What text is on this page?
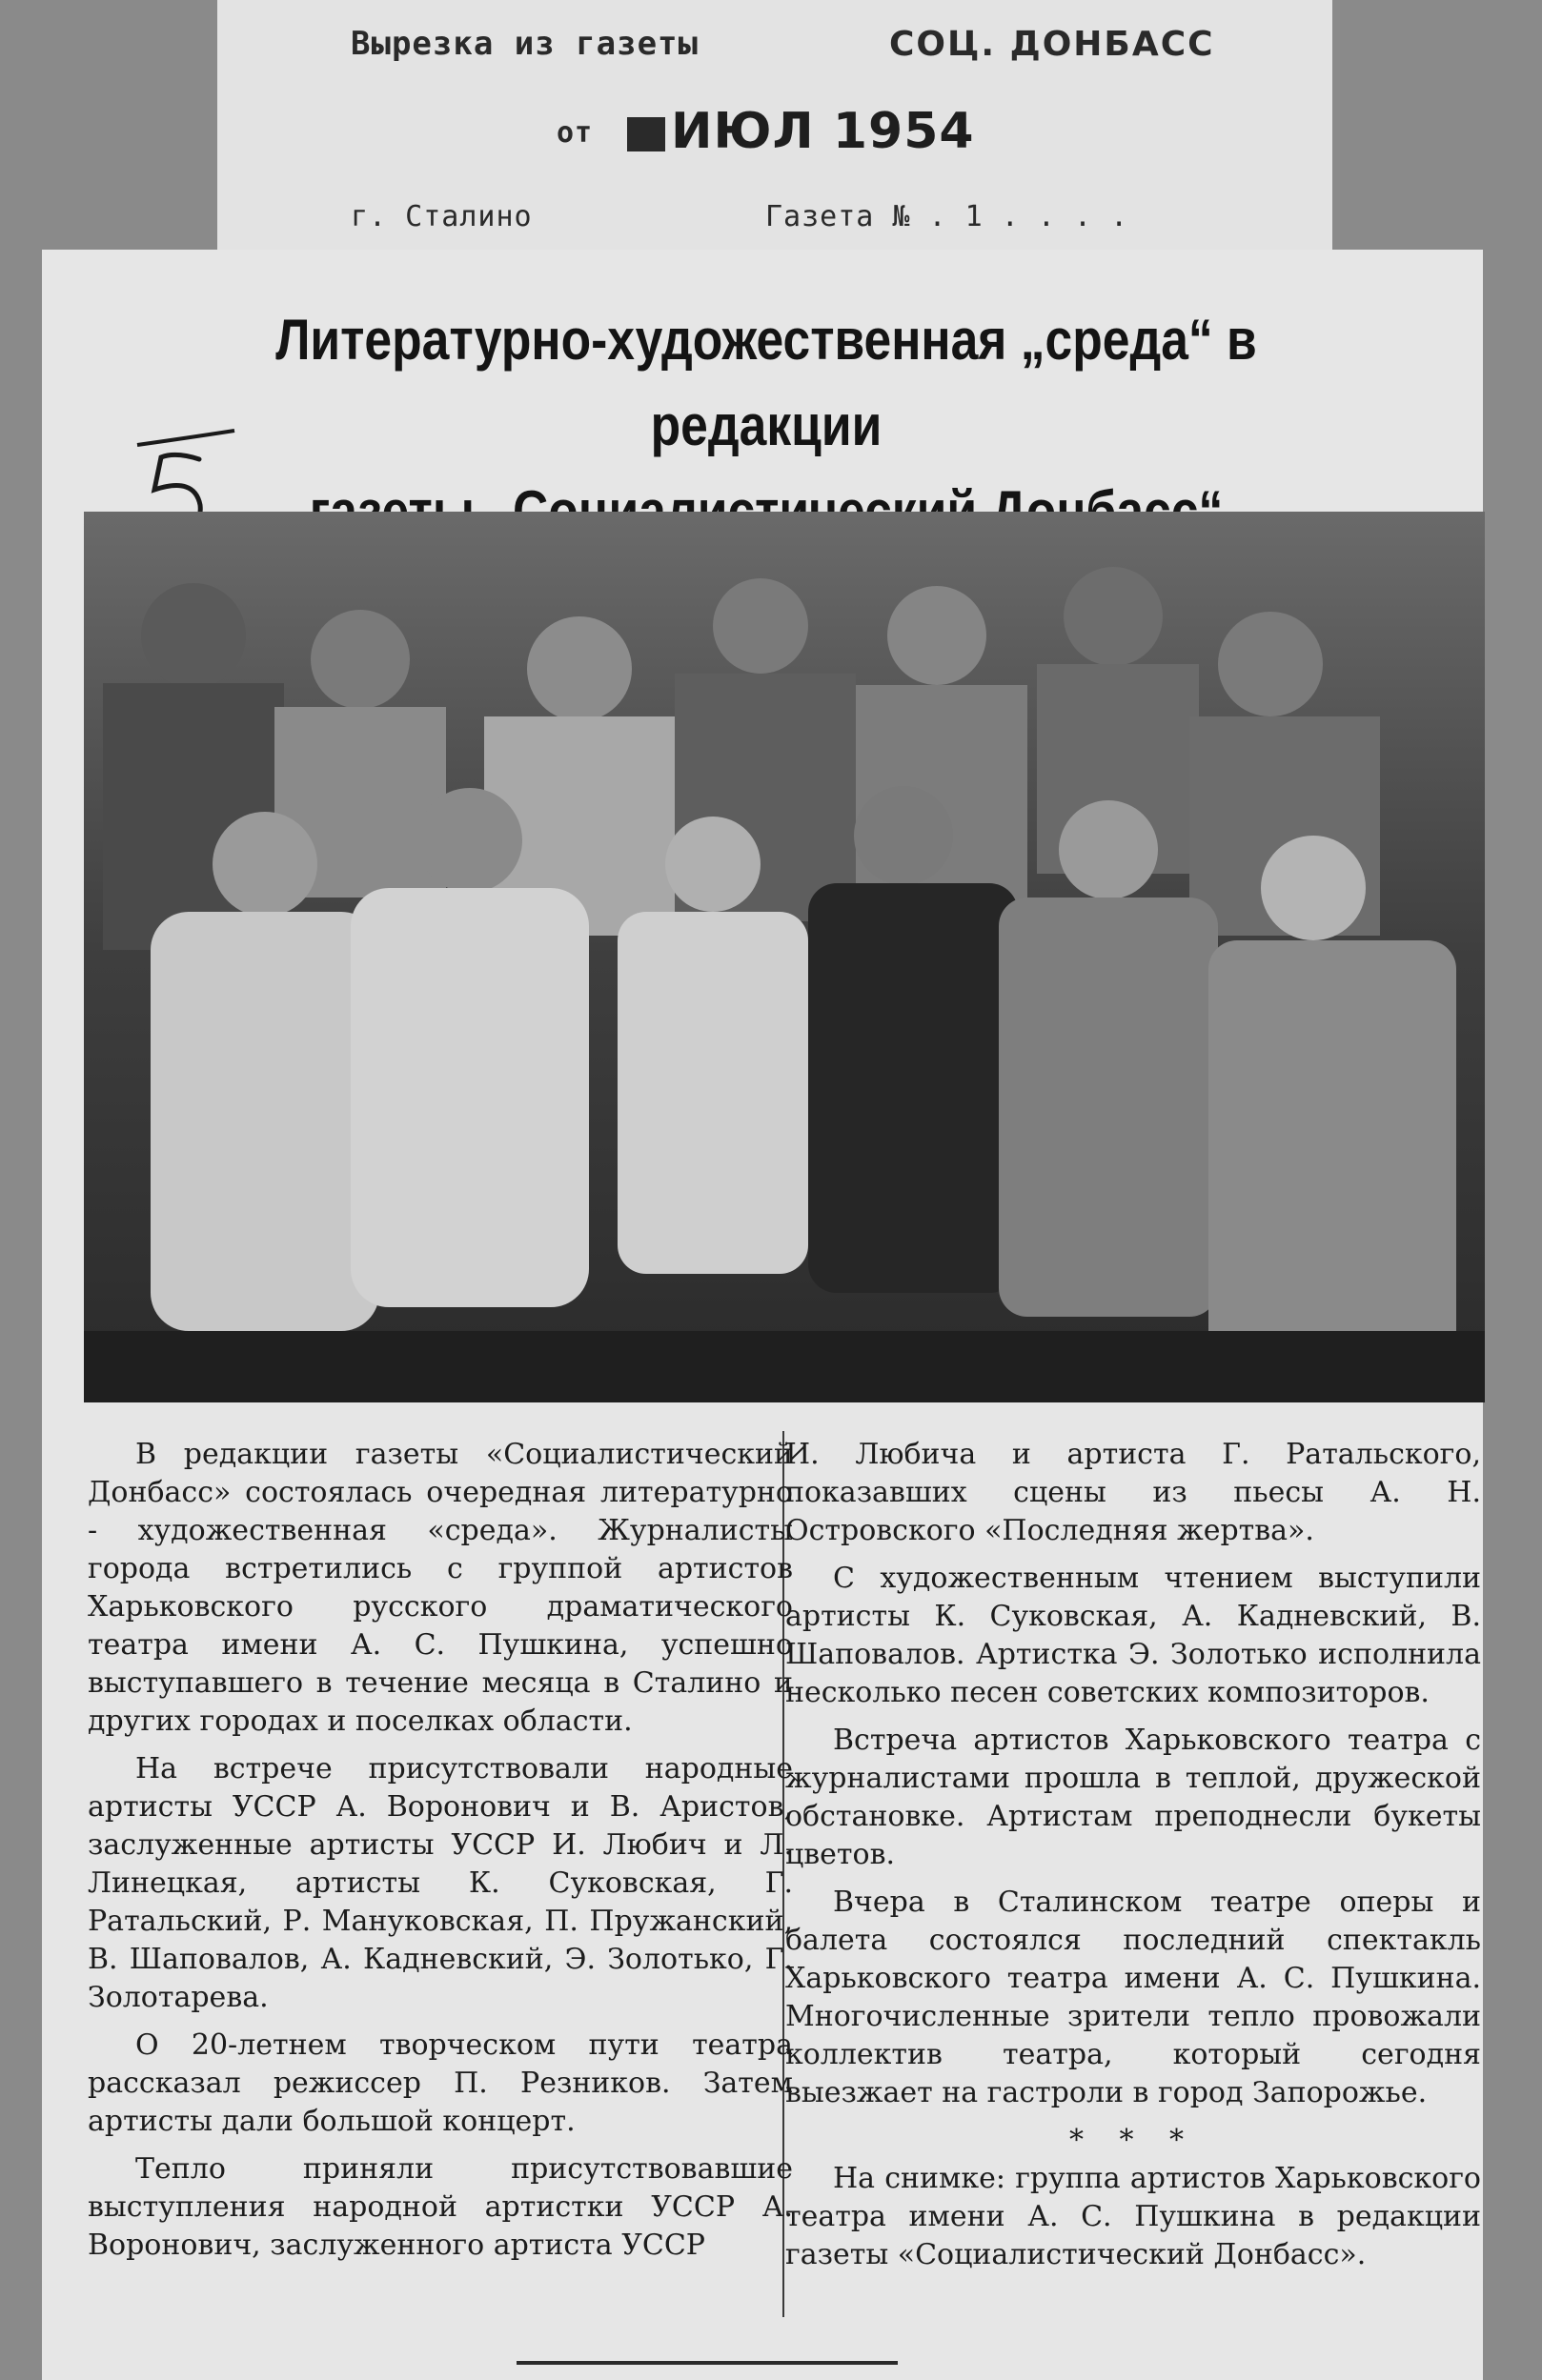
Вырезка из газеты	СОЦ. ДОНБАСС
от	ИЮЛ 1954
г. Сталино	Газета № . 1 . . . .
Литературно-художественная „среда“ в редакции

В редакции газеты «Социалистический Донбасс» состоялась очередная литературно - художественная «среда». Журналисты города встретились с группой артистов Харьковского русского драматического театра имени А. С. Пушкина, успешно выступавшего в течение месяца в Сталино и других городах и поселках области.

На встрече присутствовали народные артисты УССР А. Воронович и В. Аристов, заслуженные артисты УССР И. Любич и Л. Линецкая, артисты К. Суковская, Г. Ратальский, Р. Мануковская, П. Пружанский, В. Шаповалов, А. Кадневский, Э. Золотько, Г. Золотарева.

О 20-летнем творческом пути театра рассказал режиссер П. Резников. Затем артисты дали большой концерт.

Тепло приняли присутствовавшие выступления народной артистки УССР А. Воронович, заслуженного артиста УССР

И. Любича и артиста Г. Ратальского, показавших сцены из пьесы А. Н. Островского «Последняя жертва».

С художественным чтением выступили артисты К. Суковская, А. Кадневский, В. Шаповалов. Артистка Э. Золотько исполнила несколько песен советских композиторов.

Встреча артистов Харьковского театра с журналистами прошла в теплой, дружеской обстановке. Артистам преподнесли букеты цветов.

Вчера в Сталинском театре оперы и балета состоялся последний спектакль Харьковского театра имени А. С. Пушкина. Многочисленные зрители тепло провожали коллектив театра, который сегодня выезжает на гастроли в город Запорожье.

* * *

На снимке: группа артистов Харьковского театра имени А. С. Пушкина в редакции газеты «Социалистический Донбасс».
